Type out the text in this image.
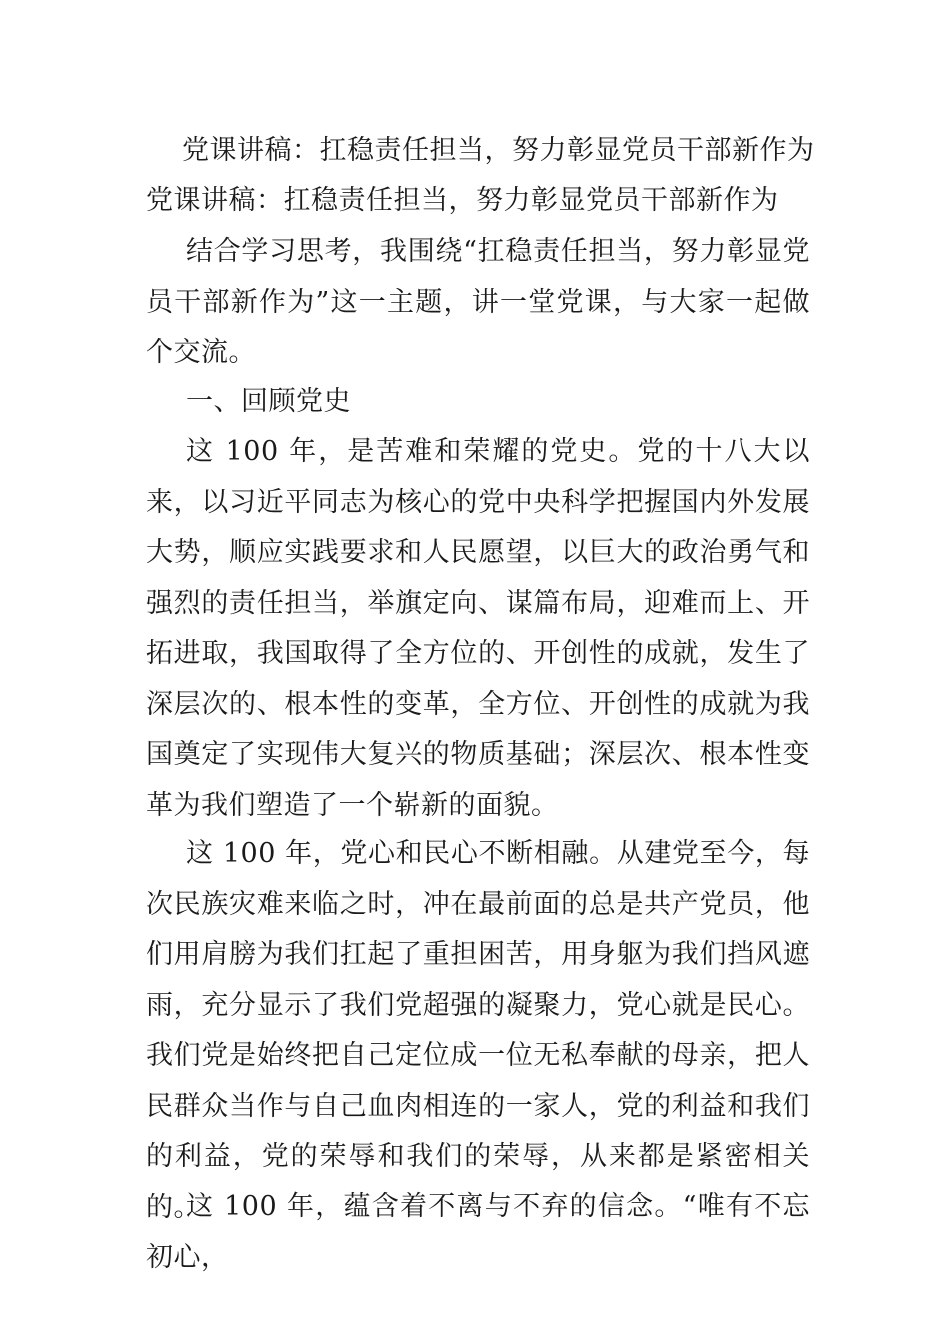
党课讲稿：扛稳责任担当，努力彰显党员干部新作为
党课讲稿：扛稳责任担当，努力彰显党员干部新作为
结合学习思考，我围绕“扛稳责任担当，努力彰显党员干部新作为”这一主题，讲一堂党课，与大家一起做个交流。
一、回顾党史
这 100 年，是苦难和荣耀的党史。党的十八大以来，以习近平同志为核心的党中央科学把握国内外发展大势，顺应实践要求和人民愿望，以巨大的政治勇气和强烈的责任担当，举旗定向、谋篇布局，迎难而上、开拓进取，我国取得了全方位的、开创性的成就，发生了深层次的、根本性的变革，全方位、开创性的成就为我国奠定了实现伟大复兴的物质基础；深层次、根本性变革为我们塑造了一个崭新的面貌。
这 100 年，党心和民心不断相融。从建党至今，每次民族灾难来临之时，冲在最前面的总是共产党员，他们用肩膀为我们扛起了重担困苦，用身躯为我们挡风遮雨，充分显示了我们党超强的凝聚力，党心就是民心。我们党是始终把自己定位成一位无私奉献的母亲，把人民群众当作与自己血肉相连的一家人，党的利益和我们的利益，党的荣辱和我们的荣辱，从来都是紧密相关的。
这 100 年，蕴含着不离与不弃的信念。“唯有不忘初心，
